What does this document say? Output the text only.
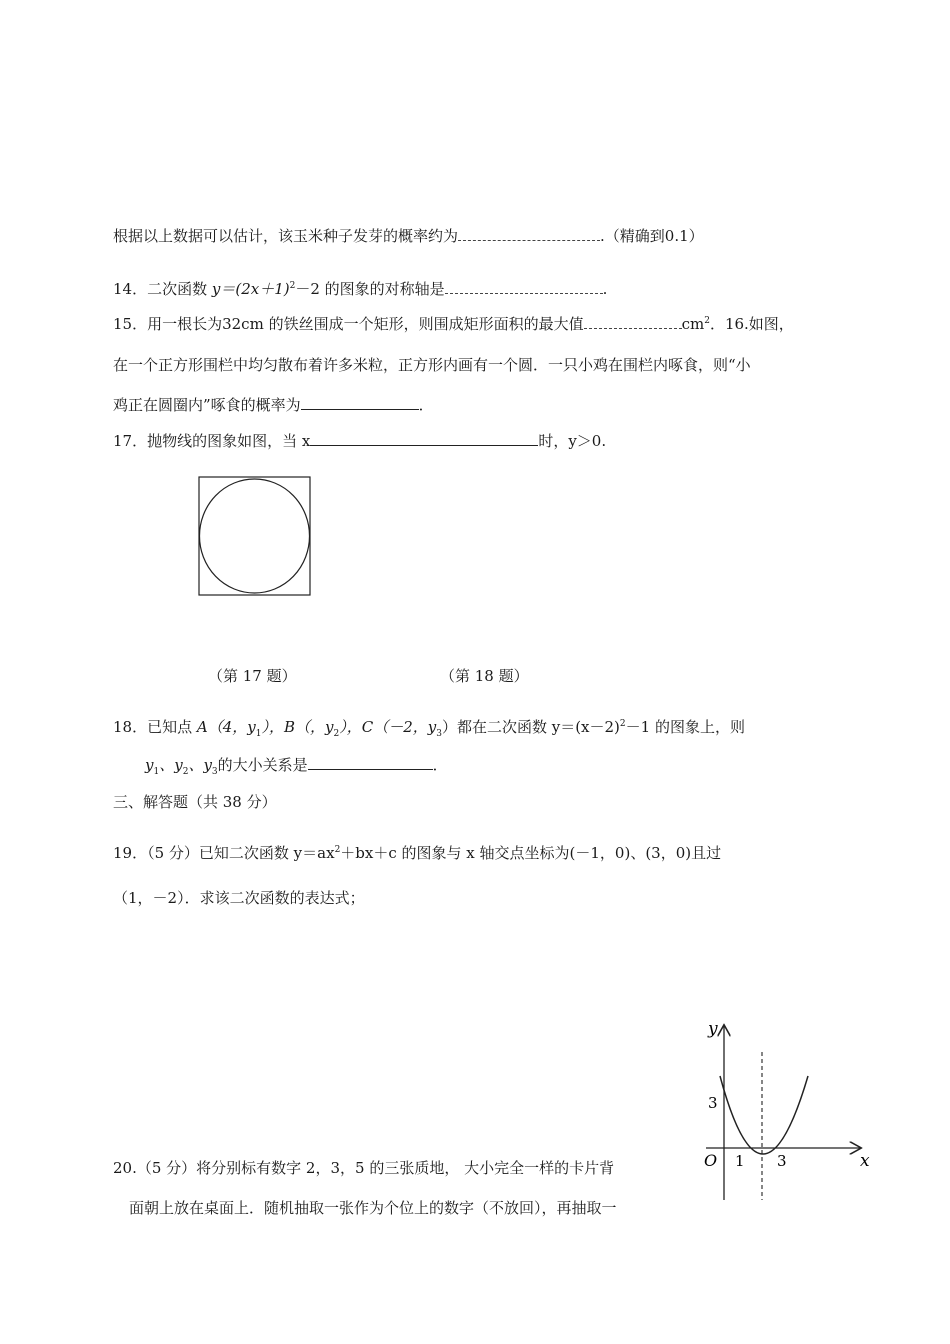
根据以上数据可以估计，该玉米种子发芽的概率约为	.（精确到0.1）
14．二次函数 $y=(2x+1)^2-2$ 的图象的对称轴是	.
15．用一根长为32cm 的铁丝围成一个矩形，则围成矩形面积的最大值	$cm^2$．16.如图，
在一个正方形围栏中均匀散布着许多米粒，正方形内画有一个圆．一只小鸡在围栏内啄食，则“小
鸡正在圆圈内”啄食的概率为	．
17．抛物线的图象如图，当 x	时，y＞0.
（第 17 题）	（第 18 题）
18．已知点 A（4，$y_1$），B（，$y_2$），C（－2，$y_3$）都在二次函数 $y=(x-2)^2-1$ 的图象上，则
$y_1$、$y_2$、$y_3$的大小关系是	．
三、解答题（共 38 分）
19．（5 分）已知二次函数 $y=ax^2+bx+c$ 的图象与 x 轴交点坐标为(－1，0)、(3，0)且过
（1，－2）．求该二次函数的表达式；
y
x
O 1 3
3
20.（5 分）将分别标有数字 2，3，5 的三张质地， 大小完全一样的卡片背
面朝上放在桌面上．随机抽取一张作为个位上的数字（不放回），再抽取一
